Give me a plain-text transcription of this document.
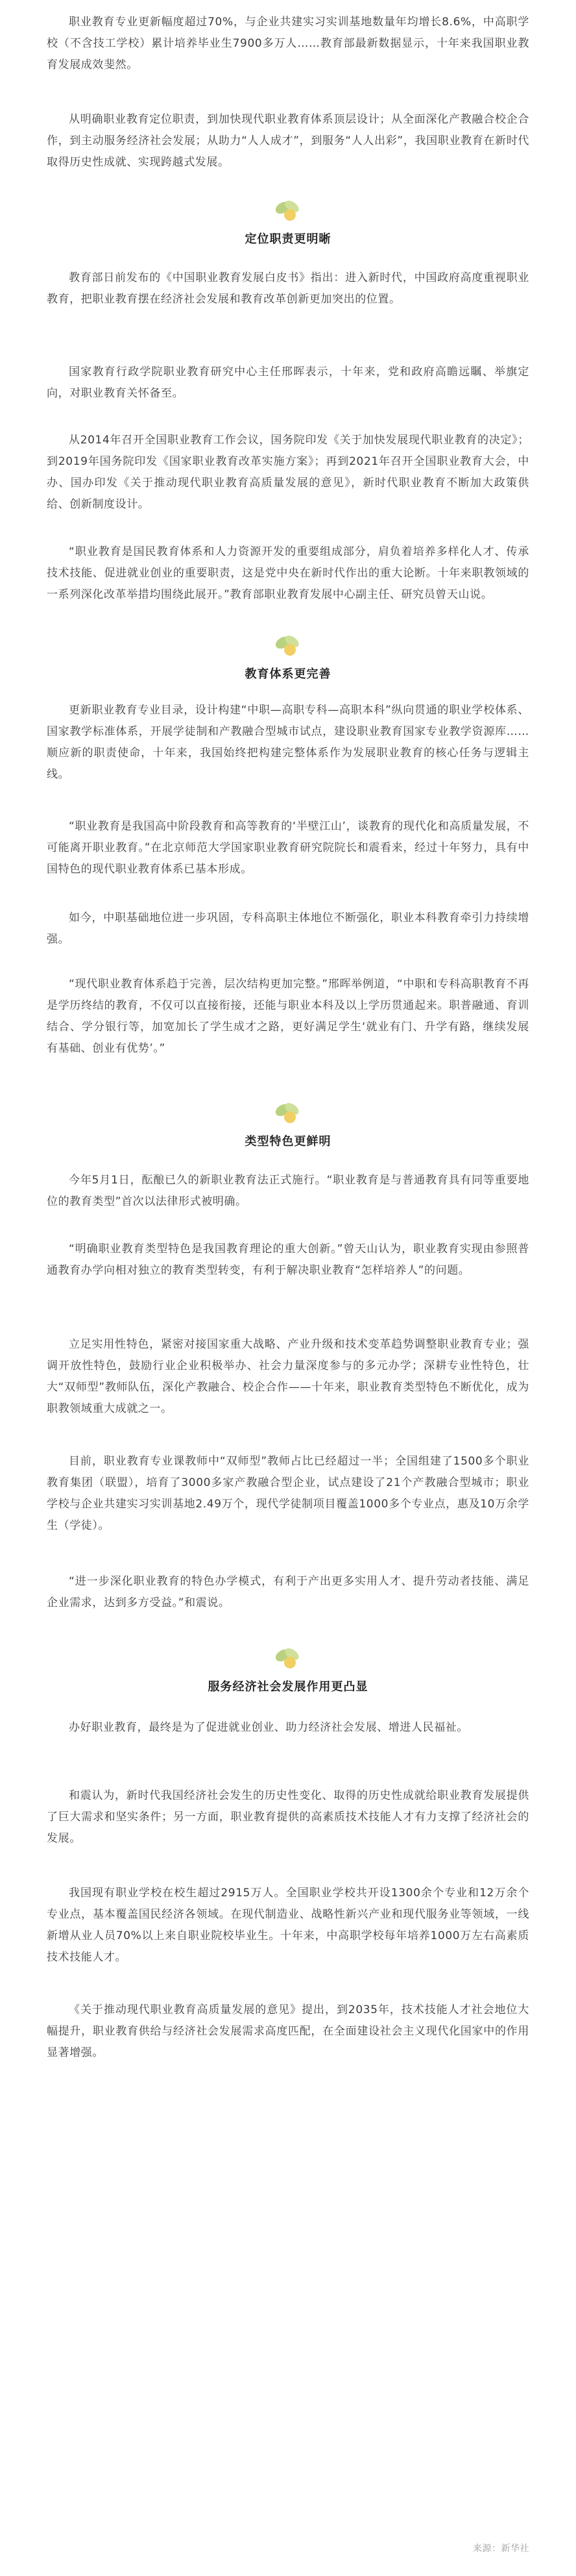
职业教育专业更新幅度超过70%，与企业共建实习实训基地数量年均增长8.6%，中高职学校（不含技工学校）累计培养毕业生7900多万人……教育部最新数据显示，十年来我国职业教育发展成效斐然。

从明确职业教育定位职责，到加快现代职业教育体系顶层设计；从全面深化产教融合校企合作，到主动服务经济社会发展；从助力“人人成才”，到服务“人人出彩”，我国职业教育在新时代取得历史性成就、实现跨越式发展。

定位职责更明晰

教育部日前发布的《中国职业教育发展白皮书》指出：进入新时代，中国政府高度重视职业教育，把职业教育摆在经济社会发展和教育改革创新更加突出的位置。

国家教育行政学院职业教育研究中心主任邢晖表示，十年来，党和政府高瞻远瞩、举旗定向，对职业教育关怀备至。

从2014年召开全国职业教育工作会议，国务院印发《关于加快发展现代职业教育的决定》；到2019年国务院印发《国家职业教育改革实施方案》；再到2021年召开全国职业教育大会，中办、国办印发《关于推动现代职业教育高质量发展的意见》，新时代职业教育不断加大政策供给、创新制度设计。

“职业教育是国民教育体系和人力资源开发的重要组成部分，肩负着培养多样化人才、传承技术技能、促进就业创业的重要职责，这是党中央在新时代作出的重大论断。十年来职教领域的一系列深化改革举措均围绕此展开。”教育部职业教育发展中心副主任、研究员曾天山说。

教育体系更完善

更新职业教育专业目录，设计构建“中职—高职专科—高职本科”纵向贯通的职业学校体系、国家教学标准体系，开展学徒制和产教融合型城市试点，建设职业教育国家专业教学资源库……顺应新的职责使命，十年来，我国始终把构建完整体系作为发展职业教育的核心任务与逻辑主线。

“职业教育是我国高中阶段教育和高等教育的‘半壁江山’，谈教育的现代化和高质量发展，不可能离开职业教育。”在北京师范大学国家职业教育研究院院长和震看来，经过十年努力，具有中国特色的现代职业教育体系已基本形成。

如今，中职基础地位进一步巩固，专科高职主体地位不断强化，职业本科教育牵引力持续增强。

“现代职业教育体系趋于完善，层次结构更加完整。”邢晖举例道，“中职和专科高职教育不再是学历终结的教育，不仅可以直接衔接，还能与职业本科及以上学历贯通起来。职普融通、育训结合、学分银行等，加宽加长了学生成才之路，更好满足学生‘就业有门、升学有路，继续发展有基础、创业有优势’。”

类型特色更鲜明

今年5月1日，酝酿已久的新职业教育法正式施行。“职业教育是与普通教育具有同等重要地位的教育类型”首次以法律形式被明确。

“明确职业教育类型特色是我国教育理论的重大创新。”曾天山认为，职业教育实现由参照普通教育办学向相对独立的教育类型转变，有利于解决职业教育“怎样培养人”的问题。

立足实用性特色，紧密对接国家重大战略、产业升级和技术变革趋势调整职业教育专业；强调开放性特色，鼓励行业企业积极举办、社会力量深度参与的多元办学；深耕专业性特色，壮大“双师型”教师队伍，深化产教融合、校企合作——十年来，职业教育类型特色不断优化，成为职教领域重大成就之一。

目前，职业教育专业课教师中“双师型”教师占比已经超过一半；全国组建了1500多个职业教育集团（联盟），培育了3000多家产教融合型企业，试点建设了21个产教融合型城市；职业学校与企业共建实习实训基地2.49万个，现代学徒制项目覆盖1000多个专业点，惠及10万余学生（学徒）。

“进一步深化职业教育的特色办学模式，有利于产出更多实用人才、提升劳动者技能、满足企业需求，达到多方受益。”和震说。

服务经济社会发展作用更凸显

办好职业教育，最终是为了促进就业创业、助力经济社会发展、增进人民福祉。

和震认为，新时代我国经济社会发生的历史性变化、取得的历史性成就给职业教育发展提供了巨大需求和坚实条件；另一方面，职业教育提供的高素质技术技能人才有力支撑了经济社会的发展。

我国现有职业学校在校生超过2915万人。全国职业学校共开设1300余个专业和12万余个专业点，基本覆盖国民经济各领域。在现代制造业、战略性新兴产业和现代服务业等领域，一线新增从业人员70%以上来自职业院校毕业生。十年来，中高职学校每年培养1000万左右高素质技术技能人才。

《关于推动现代职业教育高质量发展的意见》提出，到2035年，技术技能人才社会地位大幅提升，职业教育供给与经济社会发展需求高度匹配，在全面建设社会主义现代化国家中的作用显著增强。

来源：新华社
